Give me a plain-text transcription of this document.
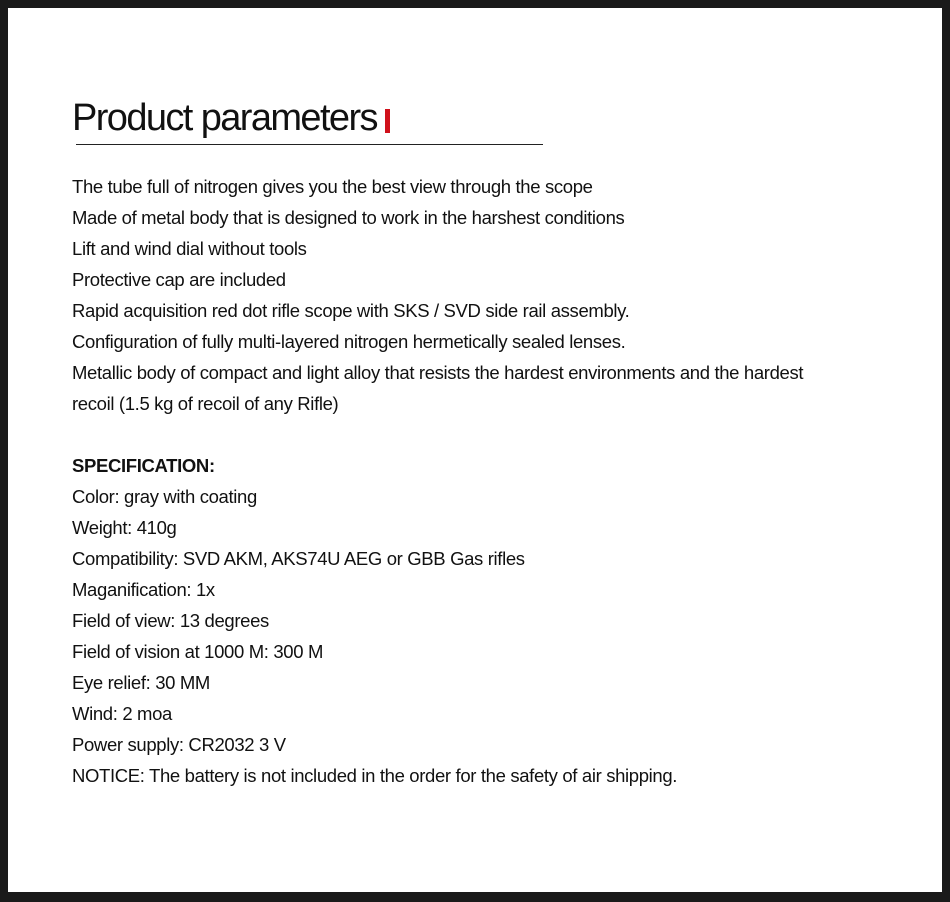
Product parameters
The tube full of nitrogen gives you the best view through the scope
Made of metal body that is designed to work in the harshest conditions
Lift and wind dial without tools
Protective cap are included
Rapid acquisition red dot rifle scope with SKS / SVD side rail assembly.
Configuration of fully multi-layered nitrogen hermetically sealed lenses.
Metallic body of compact and light alloy that resists the hardest environments and the hardest recoil (1.5 kg of recoil of any Rifle)
SPECIFICATION:
Color: gray with coating
Weight: 410g
Compatibility: SVD AKM, AKS74U AEG or GBB Gas rifles
Maganification: 1x
Field of view: 13 degrees
Field of vision at 1000 M: 300 M
Eye relief: 30 MM
Wind: 2 moa
Power supply: CR2032 3 V
NOTICE: The battery is not included in the order for the safety of air shipping.
